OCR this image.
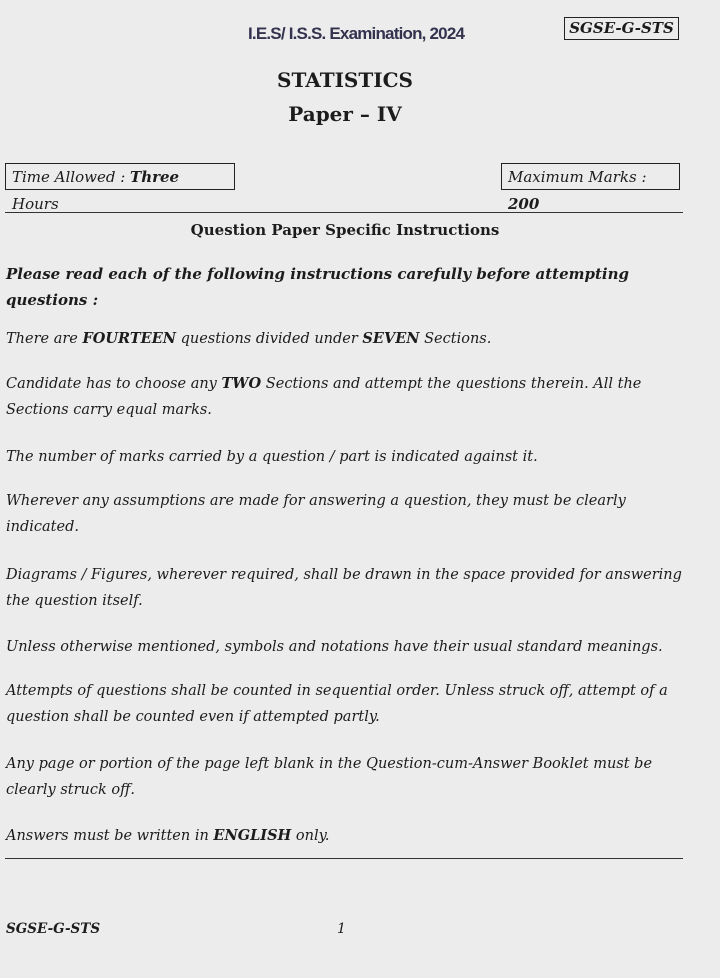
I.E.S/ I.S.S. Examination, 2024	SGSE-G-STS
STATISTICS
Paper – IV
Time Allowed : Three Hours
Maximum Marks : 200
Question Paper Specific Instructions

Please read each of the following instructions carefully before attempting questions :

There are FOURTEEN questions divided under SEVEN Sections.

Candidate has to choose any TWO Sections and attempt the questions therein. All the Sections carry equal marks.

The number of marks carried by a question / part is indicated against it.

Wherever any assumptions are made for answering a question, they must be clearly indicated.

Diagrams / Figures, wherever required, shall be drawn in the space provided for answering the question itself.

Unless otherwise mentioned, symbols and notations have their usual standard meanings.

Attempts of questions shall be counted in sequential order. Unless struck off, attempt of a question shall be counted even if attempted partly.

Any page or portion of the page left blank in the Question-cum-Answer Booklet must be clearly struck off.

Answers must be written in ENGLISH only.

SGSE-G-STS	1
